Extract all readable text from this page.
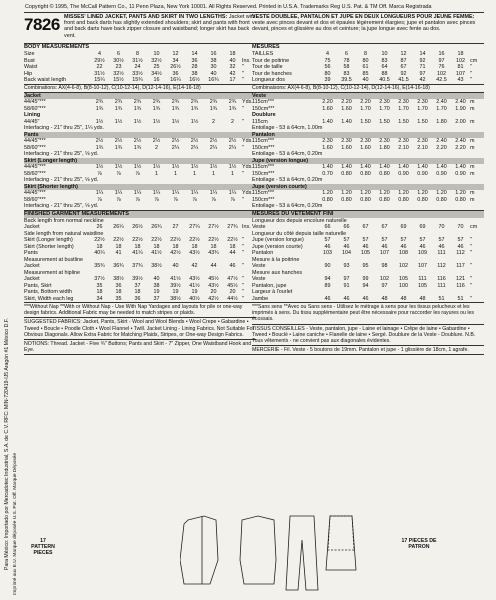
Copyright © 1995, The McCall Pattern Co., 11 Penn Plaza, New York 10001. All Rights Reserved. Printed in U.S.A. Trademarks Reg U.S. Pat. & TM Off. Marca Registrada
Imprimé aux E.U. Marque déposée U.S. Pat. Off. Marque Déposée
Para México: Importado por Mercadotec Industrial, S.A. de C.V. RFC: MIN-720419-IJ5 Aragón #1 México D.F.
7826 MISSES' LINED JACKET, PANTS AND SKIRT IN TWO LENGTHS: Jacket with front and back darts has slightly extended shoulders; skirt and pants with front and back darts have back zipper closure and waistband; longer skirt has back vent.
BODY MEASUREMENTS
Size	4	6	8	10	12	14	16	18
Bust	29½	30½	31½	32½	34	36	38	40	Ins.
Waist	22	23	24	25	26½	28	30	32	"
Hip	31½	32½	33½	34½	36	38	40	42	"
Back waist length	15¼	15½	15¾	16	16¼	16½	16¾	17	"
Combinations: AX(4-6-8), B(8-10-12), C(10-12-14), D(12-14-16), E(14-16-18)
Jacket
44/45"***	2¾	2¾	2¾	2¾	2¾	2¾	2¾	2¾	Yds.
58/60"***	1¾	1¾	1¾	1¾	1¾	1¾	1¾	1¾	"
Lining
44/45"	1½	1½	1½	1½	1½	1½	2	2	"
Interfacing - 21" thru 25", 1¼ yds.
Pants
44/45"***	2½	2½	2½	2½	2½	2½	2½	2½	Yds.
58/60"***	1¾	1¾	1¾	2	2¼	2¼	2¼	2¼	"
Interfacing - 21" thru 25", ⅛ yd.
Skirt (Longer length)
44/45"***	1½	1½	1½	1½	1½	1½	1½	1½	Yds.
58/60"***	⅞	⅞	⅞	1	1	1	1	1	"
Interfacing - 21" thru 25", ⅛ yd.
Skirt (Shorter length)
44/45"***	1¼	1¼	1¼	1¼	1¼	1¼	1¼	1¼	Yds.
58/60"***	⅞	⅞	⅞	⅞	⅞	⅞	⅞	⅞	"
Interfacing - 21" thru 25", ⅛ yd.
FINISHED GARMENT MEASUREMENTS
Back length from normal neckline
Jacket	26	26¼	26½	26¾	27	27¼	27½	27¾ Ins.
Side length from natural waistline
Skirt (Longer length)	22½	22½	22½	22½	22½	22½	22½	22½ "
Skirt (Shorter length)	18	18	18	18	18	18	18	18	"
Pants	40¼	41	41¼	41½	42½	43½	43¾	44	"
Measurement at bustline
Jacket	35¾	36¾	37¾	38½	40	42	44	46	"
Measurement at hipline
Jacket	37½	38½	39½	40	41½	43½	45½	47½ "
Pants, Skirt	35	36	37	38	39½	41½	43½	45½ "
Pants, Bottom width	18	18	18	19	19	19	20	20	"
Skirt, Width each leg	34	35	36	37	38½	40½	42½	44½ "
***Without Nap **With or Without Nap - Use With Nap Yardages and layouts for pile or one-way design fabrics. Additional Fabric may be needed to match stripes or plaids.
SUGGESTED FABRICS: Jacket, Pants, Skirt - Wool and Wool Blends • Wool Crepe • Gabardine • Tweed • Boucle • Poodle Cloth • Wool Flannel • Twill. Jacket Lining - Lining Fabrics. Not Suitable For Obvious Diagonals. Allow Extra Fabric for Matching Plaids, Stripes, or One-way Design Fabrics.
NOTIONS: Thread. Jacket - Five ¾" Buttons; Pants and Skirt - 7" Zipper, One Waistband Hook and Eye.
VESTE DOUBLEE, PANTALON ET JUPE EN DEUX LONGUEURS POUR JEUNE FEMME: veste avec pinces devant et dos et épaules légèrement élargies; jupe et pantalon avec pinces devant, pinces et glissière au dos et ceinture; la jupe longue avec fente au dos.
MESURES
TAILLES	4	6	8	10	12	14	16	18
Tour de poitrine	75	78	80	83	87	92	97	102 cm
Tour de taille	56	58	61	64	67	71	76	81	"
Tour de hanches	80	83	85	88	92	97	102	107 "
Longueur dos	39	39.5	40	40.5	41.5	42	42.5	43	"
Combinaisons: AX(4-6-8), B(8-10-12), C(10-12-14), D(12-14-16), E(14-16-18)
Veste
115cm***	2.20	2.20	2.20	2.30	2.30	2.30	2.40	2.40 m
150cm***	1.60	1.60	1.70	1.70	1.70	1.70	1.70	1.90 m
Doublure
115cm	1.40	1.40	1.50	1.50	1.50	1.50	1.80	2.00 m
Entoilage - 53 à 64cm, 1.00m
Pantalon
115cm***	2.30	2.30	2.30	2.30	2.30	2.30	2.40	2.40 m
150cm***	1.60	1.60	1.60	1.80	2.10	2.10	2.20	2.20 m
Entoilage - 53 à 64cm, 0.20m
Jupe (version longue)
115cm***	1.40	1.40	1.40	1.40	1.40	1.40	1.40	1.40 m
150cm***	0.70	0.80	0.80	0.80	0.90	0.90	0.90	0.90 m
Entoilage - 53 à 64cm, 0.20m
Jupe (version courte)
115cm***	1.20	1.20	1.20	1.20	1.20	1.20	1.20	1.20 m
150cm***	0.80	0.80	0.80	0.80	0.80	0.80	0.80	0.80 m
Entoilage - 53 à 64cm, 0.20m
MESURES DU VETEMENT FINI
Longueur dos depuis encolure naturelle
Veste	66	66	67	67	69	69	70	70	cm
Longueur du côté depuis taille naturelle
Jupe (version longue)	57	57	57	57	57	57	57	57	"
Jupe (version courte)	46	46	46	46	46	46	46	46	"
Pantalon	103	104	105	107	108	109	111	112 "
Mesure à la poitrine
Veste	90	93	95	98	102	107	112	117 "
Mesure aux hanches
Veste	94	97	99	102	105	111	116	121 "
Pantalon, jupe	89	91	94	97	100	105	111	116 "
Largeur à l'ourlet
Jambe	46	46	46	48	48	48	51	51	"
***Sans sens **Avec ou Sans sens - Utilisez le métrage à sens pour les tissus pelucheux et les imprimés à sens. Du tissu supplémentaire peut être nécessaire pour raccorder les rayures ou les écossais.
TISSUS CONSEILLES - Veste, pantalon, jupe - Laine et lainage • Crêpe de laine • Gabardine • Tweed • Bouclé • Laine caniche • Flanelle de laine • Sergé. Doublure de la Veste - Doublure. N.B. Tous vêtements - ne convient pas aux diagonales évidentes.
MERCERIE - Fil. Veste - 5 boutons de 19mm. Pantalon et jupe - 1 glissière de 18cm, 1 agrafe.
17 PATTERN PIECES
17 PIECES DE PATRON
